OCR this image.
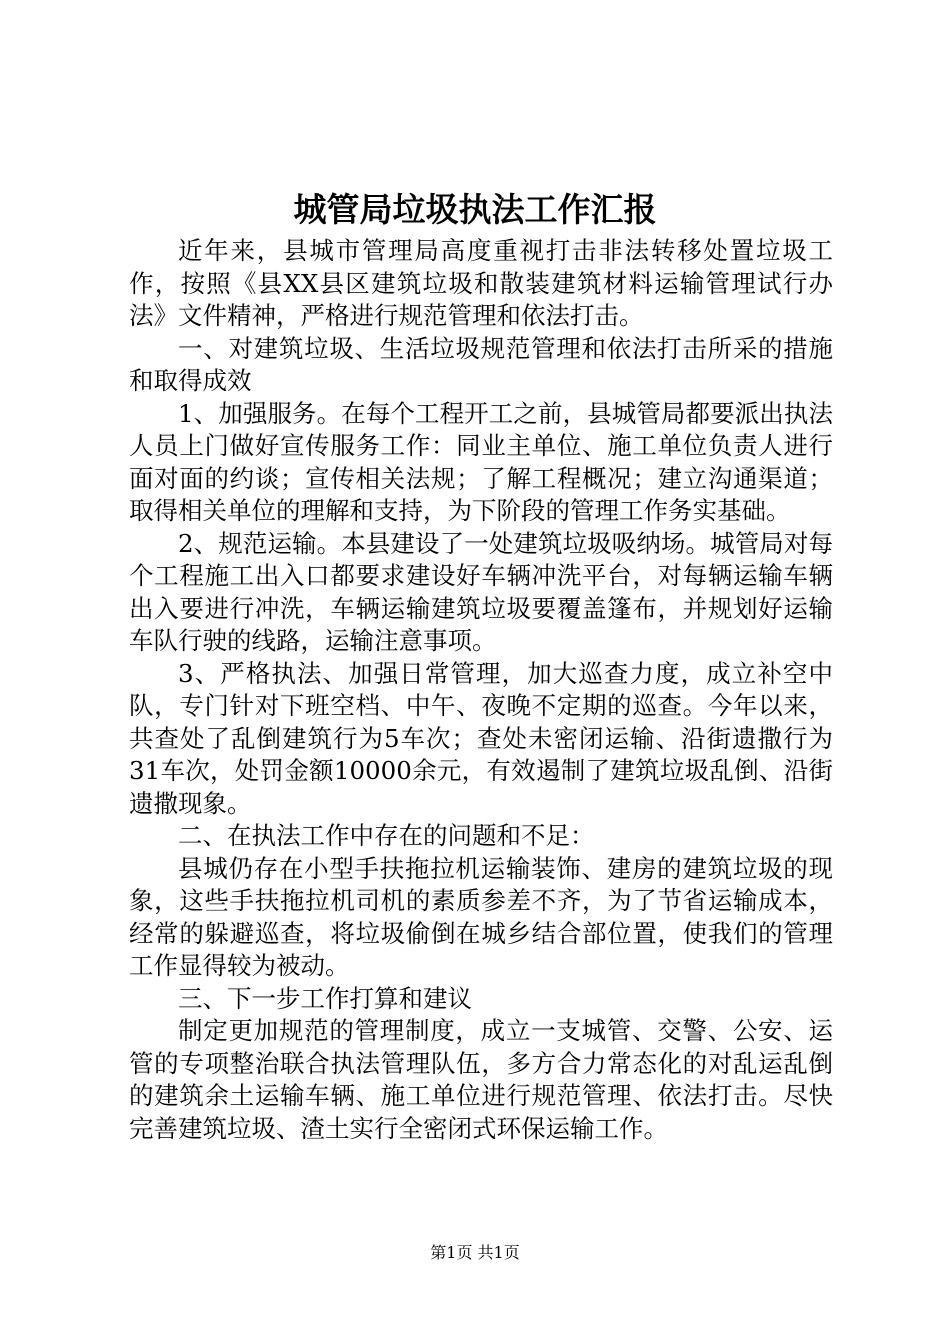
城管局垃圾执法工作汇报

近年来，县城市管理局高度重视打击非法转移处置垃圾工作，按照《县XX县区建筑垃圾和散装建筑材料运输管理试行办法》文件精神，严格进行规范管理和依法打击。

一、对建筑垃圾、生活垃圾规范管理和依法打击所采的措施和取得成效

1、加强服务。在每个工程开工之前，县城管局都要派出执法人员上门做好宣传服务工作：同业主单位、施工单位负责人进行面对面的约谈；宣传相关法规；了解工程概况；建立沟通渠道；取得相关单位的理解和支持，为下阶段的管理工作务实基础。

2、规范运输。本县建设了一处建筑垃圾吸纳场。城管局对每个工程施工出入口都要求建设好车辆冲洗平台，对每辆运输车辆出入要进行冲洗，车辆运输建筑垃圾要覆盖篷布，并规划好运输车队行驶的线路，运输注意事项。

3、严格执法、加强日常管理，加大巡查力度，成立补空中队，专门针对下班空档、中午、夜晚不定期的巡查。今年以来，共查处了乱倒建筑行为5车次；查处未密闭运输、沿街遗撒行为31车次，处罚金额10000余元，有效遏制了建筑垃圾乱倒、沿街遗撒现象。

二、在执法工作中存在的问题和不足：

县城仍存在小型手扶拖拉机运输装饰、建房的建筑垃圾的现象，这些手扶拖拉机司机的素质参差不齐，为了节省运输成本，经常的躲避巡查，将垃圾偷倒在城乡结合部位置，使我们的管理工作显得较为被动。

三、下一步工作打算和建议

制定更加规范的管理制度，成立一支城管、交警、公安、运管的专项整治联合执法管理队伍，多方合力常态化的对乱运乱倒的建筑余土运输车辆、施工单位进行规范管理、依法打击。尽快完善建筑垃圾、渣土实行全密闭式环保运输工作。

第1页 共1页
